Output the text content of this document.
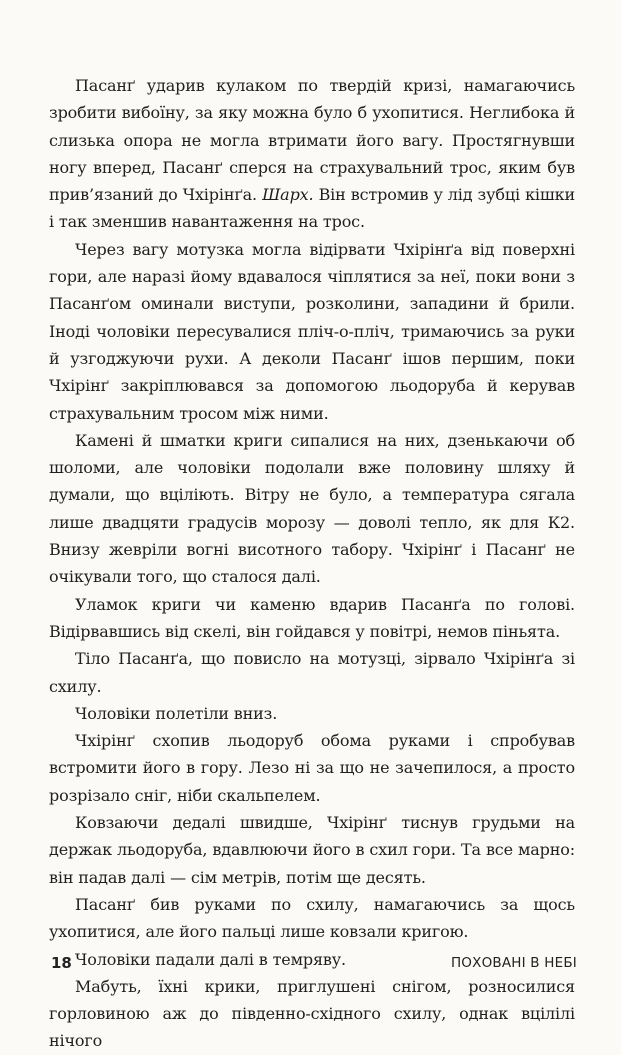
Пасанґ ударив кулаком по твердій кризі, намагаючись зробити вибоїну, за яку можна було б ухопитися. Неглибока й слизька опора не могла втримати його вагу. Простягнувши ногу вперед, Пасанґ сперся на страхувальний трос, яким був прив’язаний до Чхірінґа. Шарх. Він встромив у лід зубці кішки і так зменшив навантаження на трос.

Через вагу мотузка могла відірвати Чхірінґа від поверхні гори, але наразі йому вдавалося чіплятися за неї, поки вони з Пасанґом оминали виступи, розколини, западини й брили. Іноді чоловіки пересувалися пліч-о-пліч, тримаючись за руки й узгоджуючи рухи. А деколи Пасанґ ішов першим, поки Чхірінґ закріплювався за допомогою льодоруба й керував страхувальним тросом між ними.

Камені й шматки криги сипалися на них, дзенькаючи об шоломи, але чоловіки подолали вже половину шляху й думали, що вціліють. Вітру не було, а температура сягала лише двадцяти градусів морозу — доволі тепло, як для К2. Внизу жевріли вогні висотного табору. Чхірінґ і Пасанґ не очікували того, що сталося далі.

Уламок криги чи каменю вдарив Пасанґа по голові. Відірвавшись від скелі, він гойдався у повітрі, немов піньята.

Тіло Пасанґа, що повисло на мотузці, зірвало Чхірінґа зі схилу.

Чоловіки полетіли вниз.

Чхірінґ схопив льодоруб обома руками і спробував встромити його в гору. Лезо ні за що не зачепилося, а просто розрізало сніг, ніби скальпелем.

Ковзаючи дедалі швидше, Чхірінґ тиснув грудьми на держак льодоруба, вдавлюючи його в схил гори. Та все марно: він падав далі — сім метрів, потім ще десять.

Пасанґ бив руками по схилу, намагаючись за щось ухопитися, але його пальці лише ковзали кригою.

Чоловіки падали далі в темряву.

Мабуть, їхні крики, приглушені снігом, розносилися горловиною аж до південно-східного схилу, однак вцілілі нічого

18	ПОХОВАНІ В НЕБІ
